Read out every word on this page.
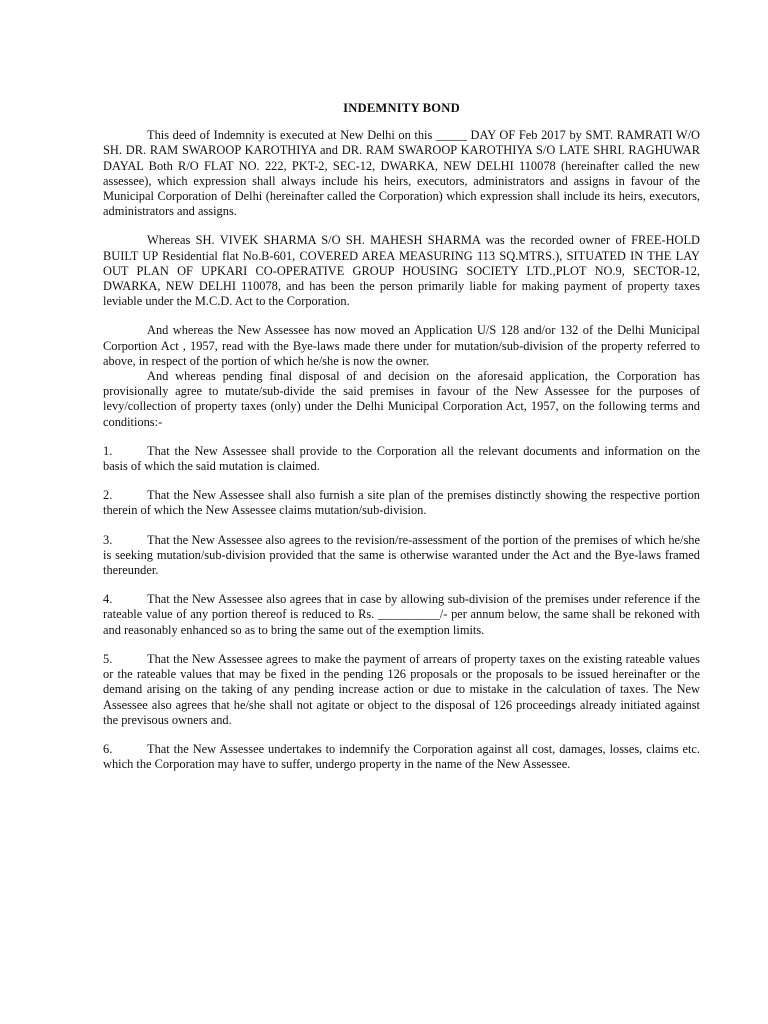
INDEMNITY BOND

This deed of Indemnity is executed at New Delhi on this _____ DAY OF Feb 2017 by SMT. RAMRATI W/O SH. DR. RAM SWAROOP KAROTHIYA and DR. RAM SWAROOP KAROTHIYA S/O LATE SHRI. RAGHUWAR DAYAL Both R/O FLAT NO. 222, PKT-2, SEC-12, DWARKA, NEW DELHI 110078 (hereinafter called the new assessee), which expression shall always include his heirs, executors, administrators and assigns in favour of the Municipal Corporation of Delhi (hereinafter called the Corporation) which expression shall include its heirs, executors, administrators and assigns.

Whereas SH. VIVEK SHARMA S/O SH. MAHESH SHARMA was the recorded owner of FREE-HOLD BUILT UP Residential flat No.B-601, COVERED AREA MEASURING 113 SQ.MTRS.), SITUATED IN THE LAY OUT PLAN OF UPKARI CO-OPERATIVE GROUP HOUSING SOCIETY LTD.,PLOT NO.9, SECTOR-12, DWARKA, NEW DELHI 110078, and has been the person primarily liable for making payment of property taxes leviable under the M.C.D. Act to the Corporation.

And whereas the New Assessee has now moved an Application U/S 128 and/or 132 of the Delhi Municipal Corportion Act , 1957, read with the Bye-laws made there under for mutation/sub-division of the property referred to above, in respect of the portion of which he/she is now the owner.

And whereas pending final disposal of and decision on the aforesaid application, the Corporation has provisionally agree to mutate/sub-divide the said premises in favour of the New Assessee for the purposes of levy/collection of property taxes (only) under the Delhi Municipal Corporation Act, 1957, on the following terms and conditions:-

1.	That the New Assessee shall provide to the Corporation all the relevant documents and information on the basis of which the said mutation is claimed.

2.	That the New Assessee shall also furnish a site plan of the premises distinctly showing the respective portion therein of which the New Assessee claims mutation/sub-division.

3.	That the New Assessee also agrees to the revision/re-assessment of the portion of the premises of which he/she is seeking mutation/sub-division provided that the same is otherwise waranted under the Act and the Bye-laws framed thereunder.

4.	That the New Assessee also agrees that in case by allowing sub-division of the premises under reference if the rateable value of any portion thereof is reduced to Rs. __________/- per annum below, the same shall be rekoned with and reasonably enhanced so as to bring the same out of the exemption limits.

5.	That the New Assessee agrees to make the payment of arrears of property taxes on the existing rateable values or the rateable values that may be fixed in the pending 126 proposals or the proposals to be issued hereinafter or the demand arising on the taking of any pending increase action or due to mistake in the calculation of taxes. The New Assessee also agrees that he/she shall not agitate or object to the disposal of 126 proceedings already initiated against the previsous owners and.

6.	That the New Assessee undertakes to indemnify the Corporation against all cost, damages, losses, claims etc. which the Corporation may have to suffer, undergo property in the name of the New Assessee.
